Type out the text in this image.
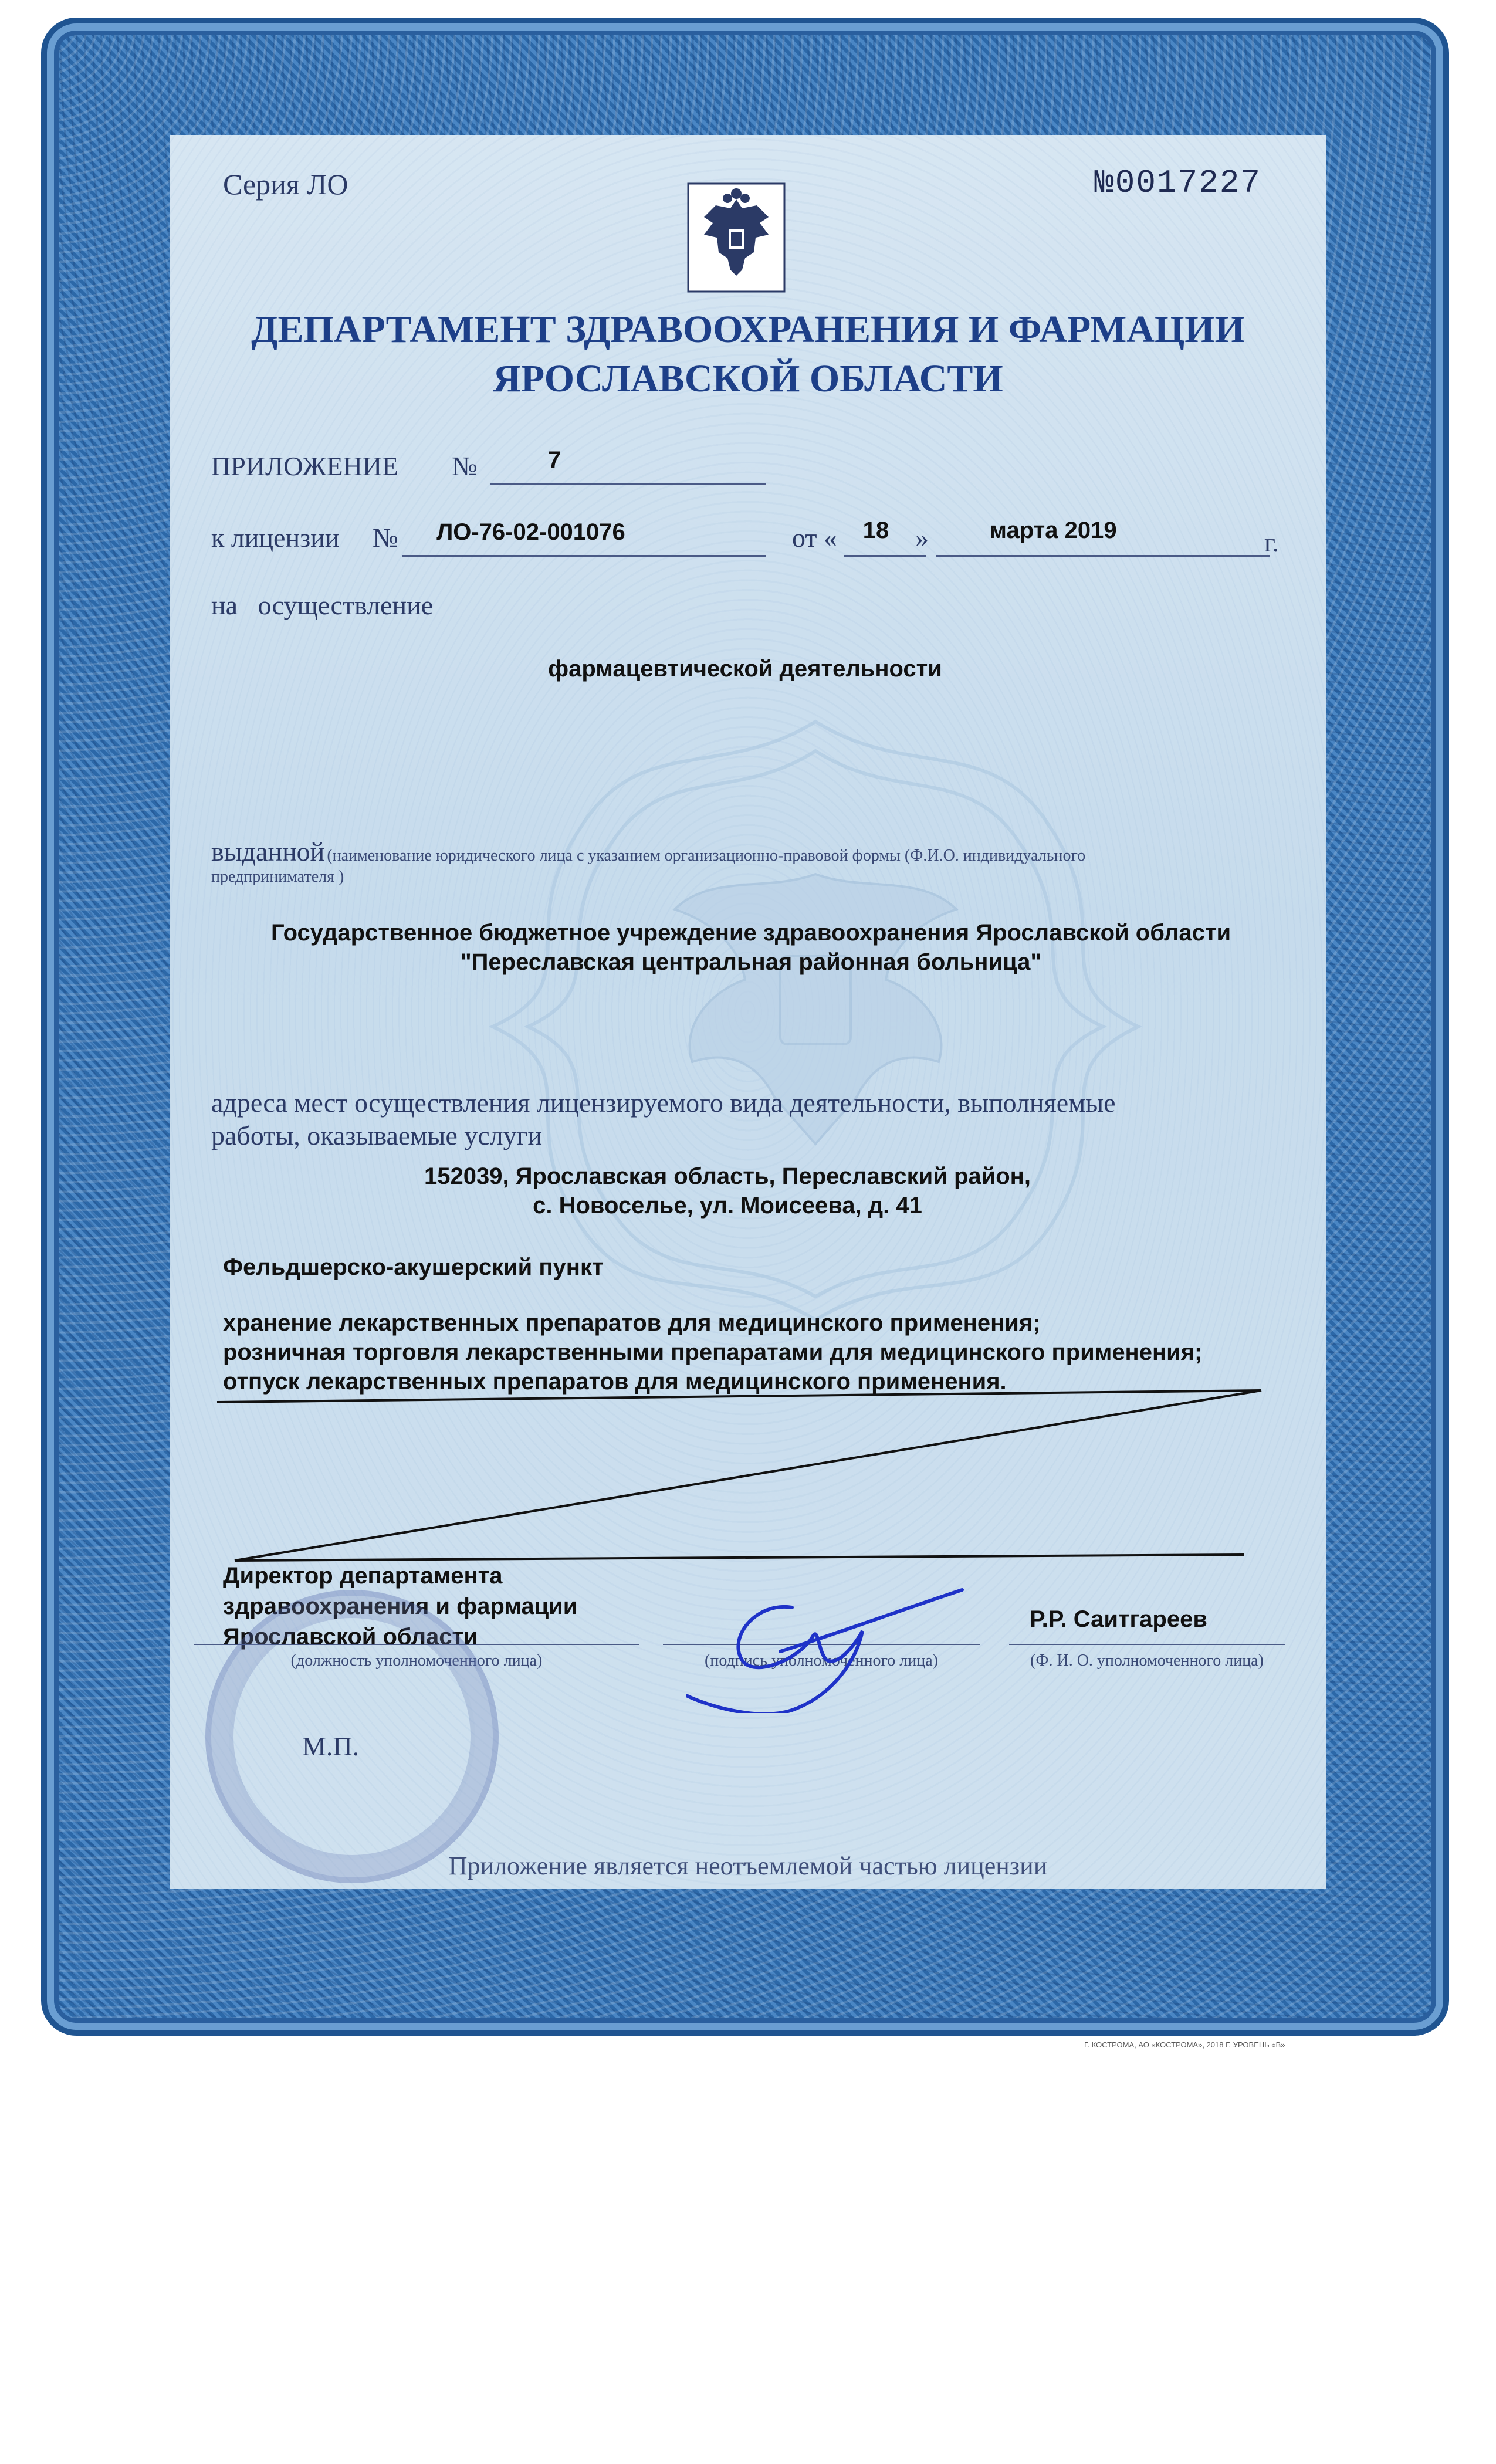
Серия ЛО	№0017227
ДЕПАРТАМЕНТ ЗДРАВООХРАНЕНИЯ И ФАРМАЦИИ
ЯРОСЛАВСКОЙ ОБЛАСТИ
ПРИЛОЖЕНИЕ №	7
к лицензии №	ЛО-76-02-001076	от «	18 »	марта 2019	г.
на   осуществление
фармацевтической деятельности
выданной (наименование юридического лица с указанием организационно-правовой формы (Ф.И.О. индивидуального предпринимателя )
Государственное бюджетное учреждение здравоохранения Ярославской области
"Переславская центральная районная больница"
адреса мест осуществления лицензируемого вида деятельности, выполняемые
работы, оказываемые услуги
152039, Ярославская область, Переславский район,
с. Новоселье, ул. Моисеева, д. 41
Фельдшерско-акушерский пункт
хранение лекарственных препаратов для медицинского применения;
розничная торговля лекарственными препаратами для медицинского применения;
отпуск лекарственных препаратов для медицинского применения.
Директор департамента
здравоохранения и фармации
Ярославской области
(должность уполномоченного лица)	(подпись уполномоченного лица)
Р.Р. Саитгареев
(Ф. И. О. уполномоченного лица)
М.П.
Приложение является неотъемлемой частью лицензии
Г. КОСТРОМА, АО «КОСТРОМА», 2018 Г. УРОВЕНЬ «В»
